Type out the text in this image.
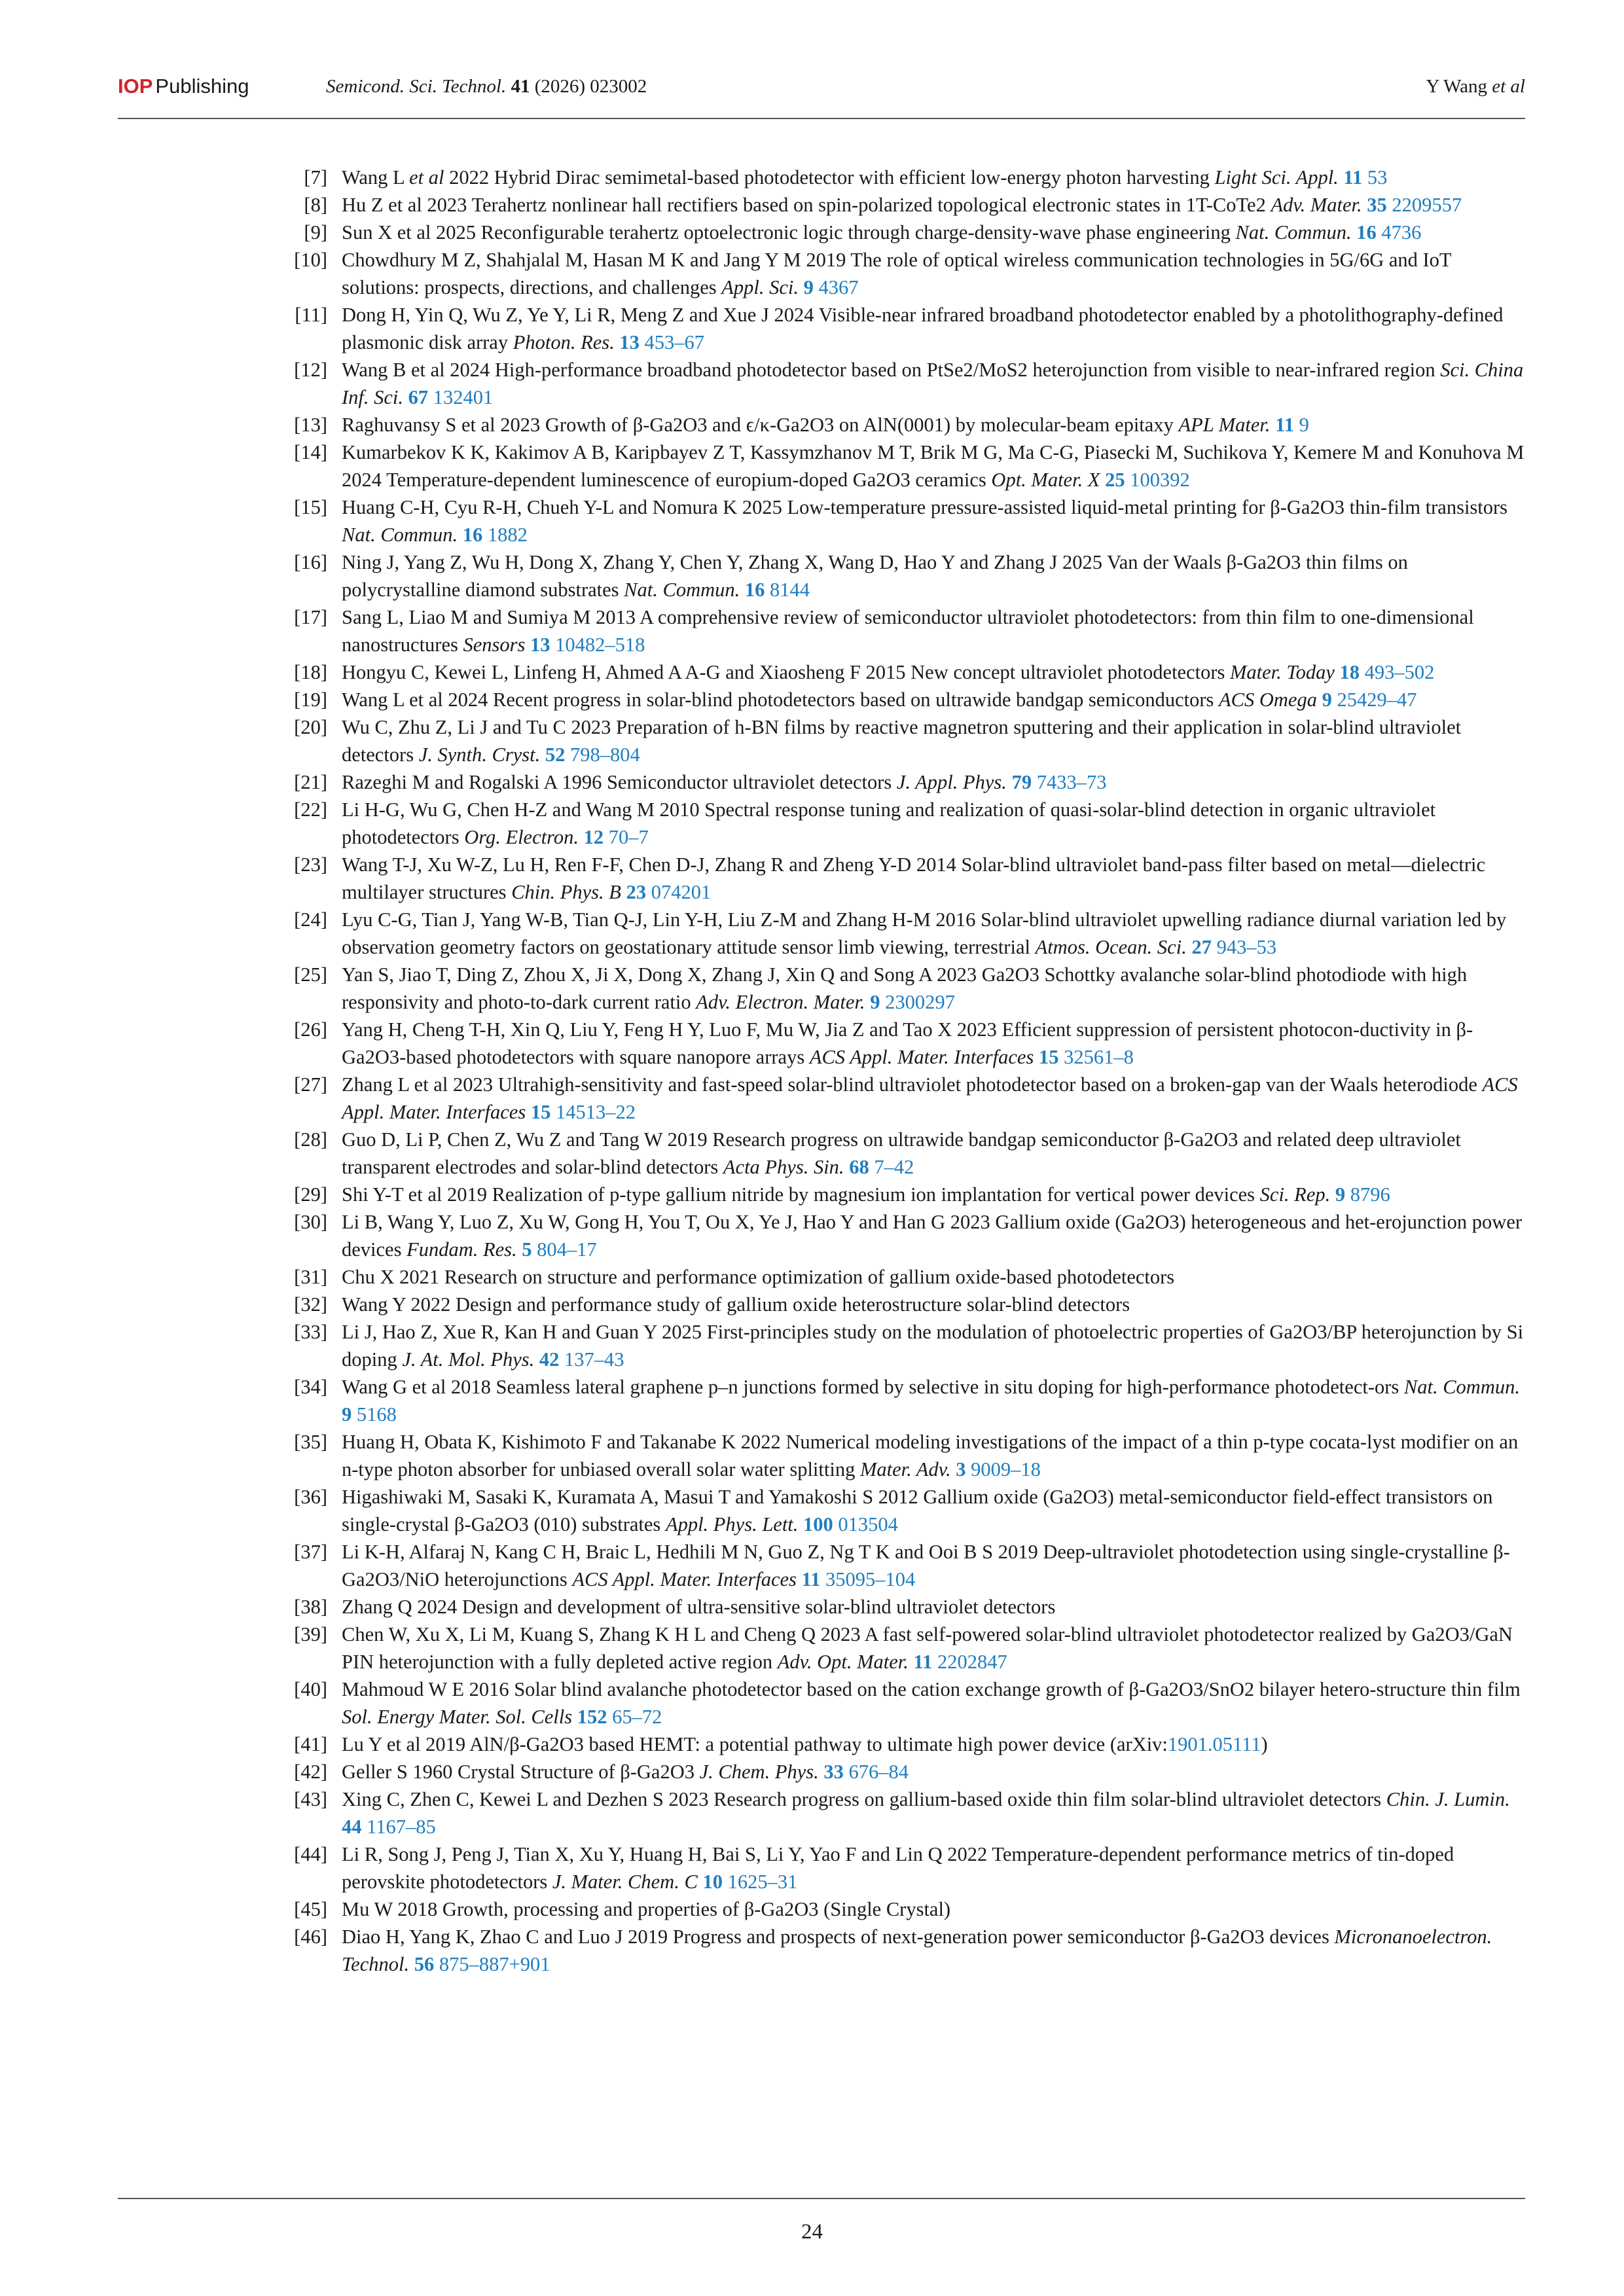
IOP Publishing	Semicond. Sci. Technol. 41 (2026) 023002	Y Wang et al
[7] Wang L et al 2022 Hybrid Dirac semimetal-based photodetector with efficient low-energy photon harvesting Light Sci. Appl. 11 53
[8] Hu Z et al 2023 Terahertz nonlinear hall rectifiers based on spin-polarized topological electronic states in 1T-CoTe2 Adv. Mater. 35 2209557
[9] Sun X et al 2025 Reconfigurable terahertz optoelectronic logic through charge-density-wave phase engineering Nat. Commun. 16 4736
[10] Chowdhury M Z, Shahjalal M, Hasan M K and Jang Y M 2019 The role of optical wireless communication technologies in 5G/6G and IoT solutions: prospects, directions, and challenges Appl. Sci. 9 4367
[11] Dong H, Yin Q, Wu Z, Ye Y, Li R, Meng Z and Xue J 2024 Visible-near infrared broadband photodetector enabled by a photolithography-defined plasmonic disk array Photon. Res. 13 453–67
[12] Wang B et al 2024 High-performance broadband photodetector based on PtSe2/MoS2 heterojunction from visible to near-infrared region Sci. China Inf. Sci. 67 132401
[13] Raghuvansy S et al 2023 Growth of β-Ga2O3 and ϵ/κ-Ga2O3 on AlN(0001) by molecular-beam epitaxy APL Mater. 11 9
[14] Kumarbekov K K, Kakimov A B, Karipbayev Z T, Kassymzhanov M T, Brik M G, Ma C-G, Piasecki M, Suchikova Y, Kemere M and Konuhova M 2024 Temperature-dependent luminescence of europium-doped Ga2O3 ceramics Opt. Mater. X 25 100392
[15] Huang C-H, Cyu R-H, Chueh Y-L and Nomura K 2025 Low-temperature pressure-assisted liquid-metal printing for β-Ga2O3 thin-film transistors Nat. Commun. 16 1882
[16] Ning J, Yang Z, Wu H, Dong X, Zhang Y, Chen Y, Zhang X, Wang D, Hao Y and Zhang J 2025 Van der Waals β-Ga2O3 thin films on polycrystalline diamond substrates Nat. Commun. 16 8144
[17] Sang L, Liao M and Sumiya M 2013 A comprehensive review of semiconductor ultraviolet photodetectors: from thin film to one-dimensional nanostructures Sensors 13 10482–518
[18] Hongyu C, Kewei L, Linfeng H, Ahmed A A-G and Xiaosheng F 2015 New concept ultraviolet photodetectors Mater. Today 18 493–502
[19] Wang L et al 2024 Recent progress in solar-blind photodetectors based on ultrawide bandgap semiconductors ACS Omega 9 25429–47
[20] Wu C, Zhu Z, Li J and Tu C 2023 Preparation of h-BN films by reactive magnetron sputtering and their application in solar-blind ultraviolet detectors J. Synth. Cryst. 52 798–804
[21] Razeghi M and Rogalski A 1996 Semiconductor ultraviolet detectors J. Appl. Phys. 79 7433–73
[22] Li H-G, Wu G, Chen H-Z and Wang M 2010 Spectral response tuning and realization of quasi-solar-blind detection in organic ultraviolet photodetectors Org. Electron. 12 70–7
[23] Wang T-J, Xu W-Z, Lu H, Ren F-F, Chen D-J, Zhang R and Zheng Y-D 2014 Solar-blind ultraviolet band-pass filter based on metal—dielectric multilayer structures Chin. Phys. B 23 074201
[24] Lyu C-G, Tian J, Yang W-B, Tian Q-J, Lin Y-H, Liu Z-M and Zhang H-M 2016 Solar-blind ultraviolet upwelling radiance diurnal variation led by observation geometry factors on geostationary attitude sensor limb viewing, terrestrial Atmos. Ocean. Sci. 27 943–53
[25] Yan S, Jiao T, Ding Z, Zhou X, Ji X, Dong X, Zhang J, Xin Q and Song A 2023 Ga2O3 Schottky avalanche solar-blind photodiode with high responsivity and photo-to-dark current ratio Adv. Electron. Mater. 9 2300297
[26] Yang H, Cheng T-H, Xin Q, Liu Y, Feng H Y, Luo F, Mu W, Jia Z and Tao X 2023 Efficient suppression of persistent photocon-ductivity in β-Ga2O3-based photodetectors with square nanopore arrays ACS Appl. Mater. Interfaces 15 32561–8
[27] Zhang L et al 2023 Ultrahigh-sensitivity and fast-speed solar-blind ultraviolet photodetector based on a broken-gap van der Waals heterodiode ACS Appl. Mater. Interfaces 15 14513–22
[28] Guo D, Li P, Chen Z, Wu Z and Tang W 2019 Research progress on ultrawide bandgap semiconductor β-Ga2O3 and related deep ultraviolet transparent electrodes and solar-blind detectors Acta Phys. Sin. 68 7–42
[29] Shi Y-T et al 2019 Realization of p-type gallium nitride by magnesium ion implantation for vertical power devices Sci. Rep. 9 8796
[30] Li B, Wang Y, Luo Z, Xu W, Gong H, You T, Ou X, Ye J, Hao Y and Han G 2023 Gallium oxide (Ga2O3) heterogeneous and het-erojunction power devices Fundam. Res. 5 804–17
[31] Chu X 2021 Research on structure and performance optimization of gallium oxide-based photodetectors
[32] Wang Y 2022 Design and performance study of gallium oxide heterostructure solar-blind detectors
[33] Li J, Hao Z, Xue R, Kan H and Guan Y 2025 First-principles study on the modulation of photoelectric properties of Ga2O3/BP heterojunction by Si doping J. At. Mol. Phys. 42 137–43
[34] Wang G et al 2018 Seamless lateral graphene p–n junctions formed by selective in situ doping for high-performance photodetect-ors Nat. Commun. 9 5168
[35] Huang H, Obata K, Kishimoto F and Takanabe K 2022 Numerical modeling investigations of the impact of a thin p-type cocata-lyst modifier on an n-type photon absorber for unbiased overall solar water splitting Mater. Adv. 3 9009–18
[36] Higashiwaki M, Sasaki K, Kuramata A, Masui T and Yamakoshi S 2012 Gallium oxide (Ga2O3) metal-semiconductor field-effect transistors on single-crystal β-Ga2O3 (010) substrates Appl. Phys. Lett. 100 013504
[37] Li K-H, Alfaraj N, Kang C H, Braic L, Hedhili M N, Guo Z, Ng T K and Ooi B S 2019 Deep-ultraviolet photodetection using single-crystalline β-Ga2O3/NiO heterojunctions ACS Appl. Mater. Interfaces 11 35095–104
[38] Zhang Q 2024 Design and development of ultra-sensitive solar-blind ultraviolet detectors
[39] Chen W, Xu X, Li M, Kuang S, Zhang K H L and Cheng Q 2023 A fast self-powered solar-blind ultraviolet photodetector realized by Ga2O3/GaN PIN heterojunction with a fully depleted active region Adv. Opt. Mater. 11 2202847
[40] Mahmoud W E 2016 Solar blind avalanche photodetector based on the cation exchange growth of β-Ga2O3/SnO2 bilayer hetero-structure thin film Sol. Energy Mater. Sol. Cells 152 65–72
[41] Lu Y et al 2019 AlN/β-Ga2O3 based HEMT: a potential pathway to ultimate high power device (arXiv:1901.05111)
[42] Geller S 1960 Crystal Structure of β-Ga2O3 J. Chem. Phys. 33 676–84
[43] Xing C, Zhen C, Kewei L and Dezhen S 2023 Research progress on gallium-based oxide thin film solar-blind ultraviolet detectors Chin. J. Lumin. 44 1167–85
[44] Li R, Song J, Peng J, Tian X, Xu Y, Huang H, Bai S, Li Y, Yao F and Lin Q 2022 Temperature-dependent performance metrics of tin-doped perovskite photodetectors J. Mater. Chem. C 10 1625–31
[45] Mu W 2018 Growth, processing and properties of β-Ga2O3 (Single Crystal)
[46] Diao H, Yang K, Zhao C and Luo J 2019 Progress and prospects of next-generation power semiconductor β-Ga2O3 devices Micronanoelectron. Technol. 56 875–887+901
24
